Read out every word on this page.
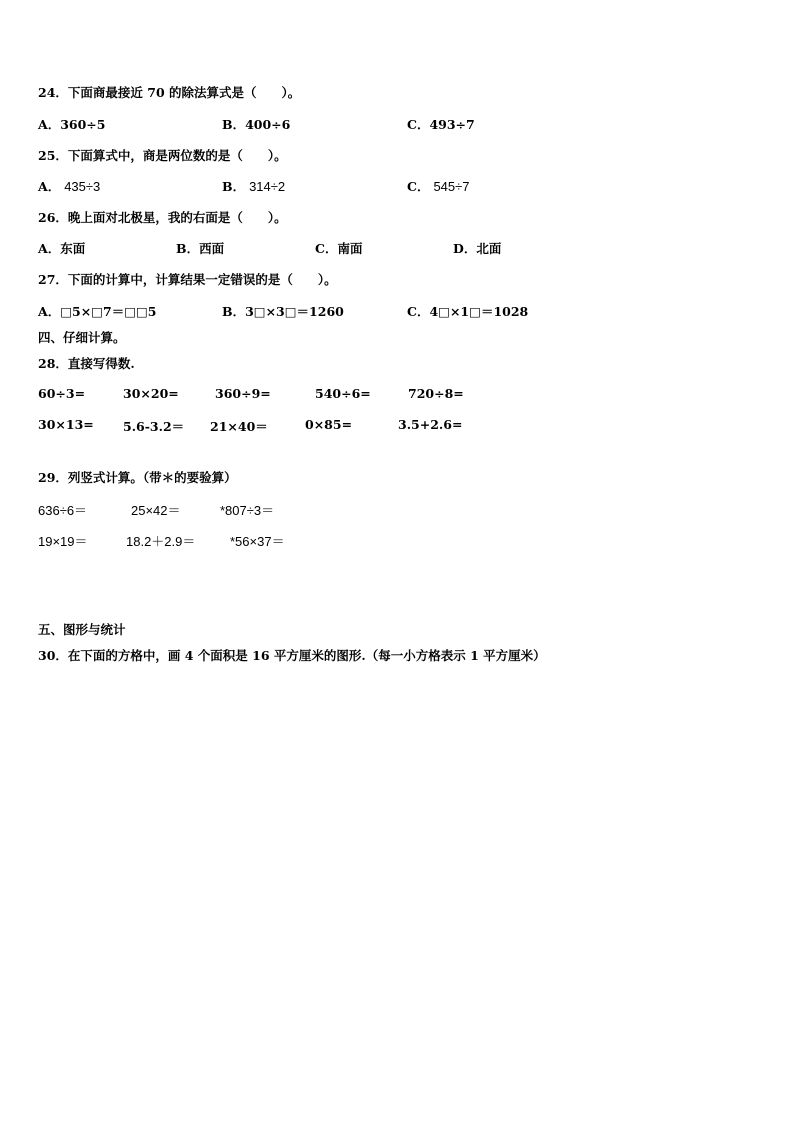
24．下面商最接近 70 的除法算式是（　　）。
A．360÷5	B．400÷6	C．493÷7
25．下面算式中，商是两位数的是（　　）。
A． 435÷3	B． 314÷2	C． 545÷7
26．晚上面对北极星，我的右面是（　　）。
A．东面	B．西面	C．南面	D．北面
27．下面的计算中，计算结果一定错误的是（　　）。
A．□5×□7＝□□5	B．3□×3□＝1260	C．4□×1□＝1028
四、仔细计算。
28．直接写得数.
60÷3=	30×20=	360÷9=	540÷6=	720÷8=
30×13= 5.6-3.2＝ 21×40＝	0×85=	3.5+2.6=
29．列竖式计算。（带＊的要验算）
636÷6＝	25×42＝	*807÷3＝
19×19＝	18.2＋2.9＝	*56×37＝
五、图形与统计
30．在下面的方格中，画 4 个面积是 16 平方厘米的图形.（每一小方格表示 1 平方厘米）
